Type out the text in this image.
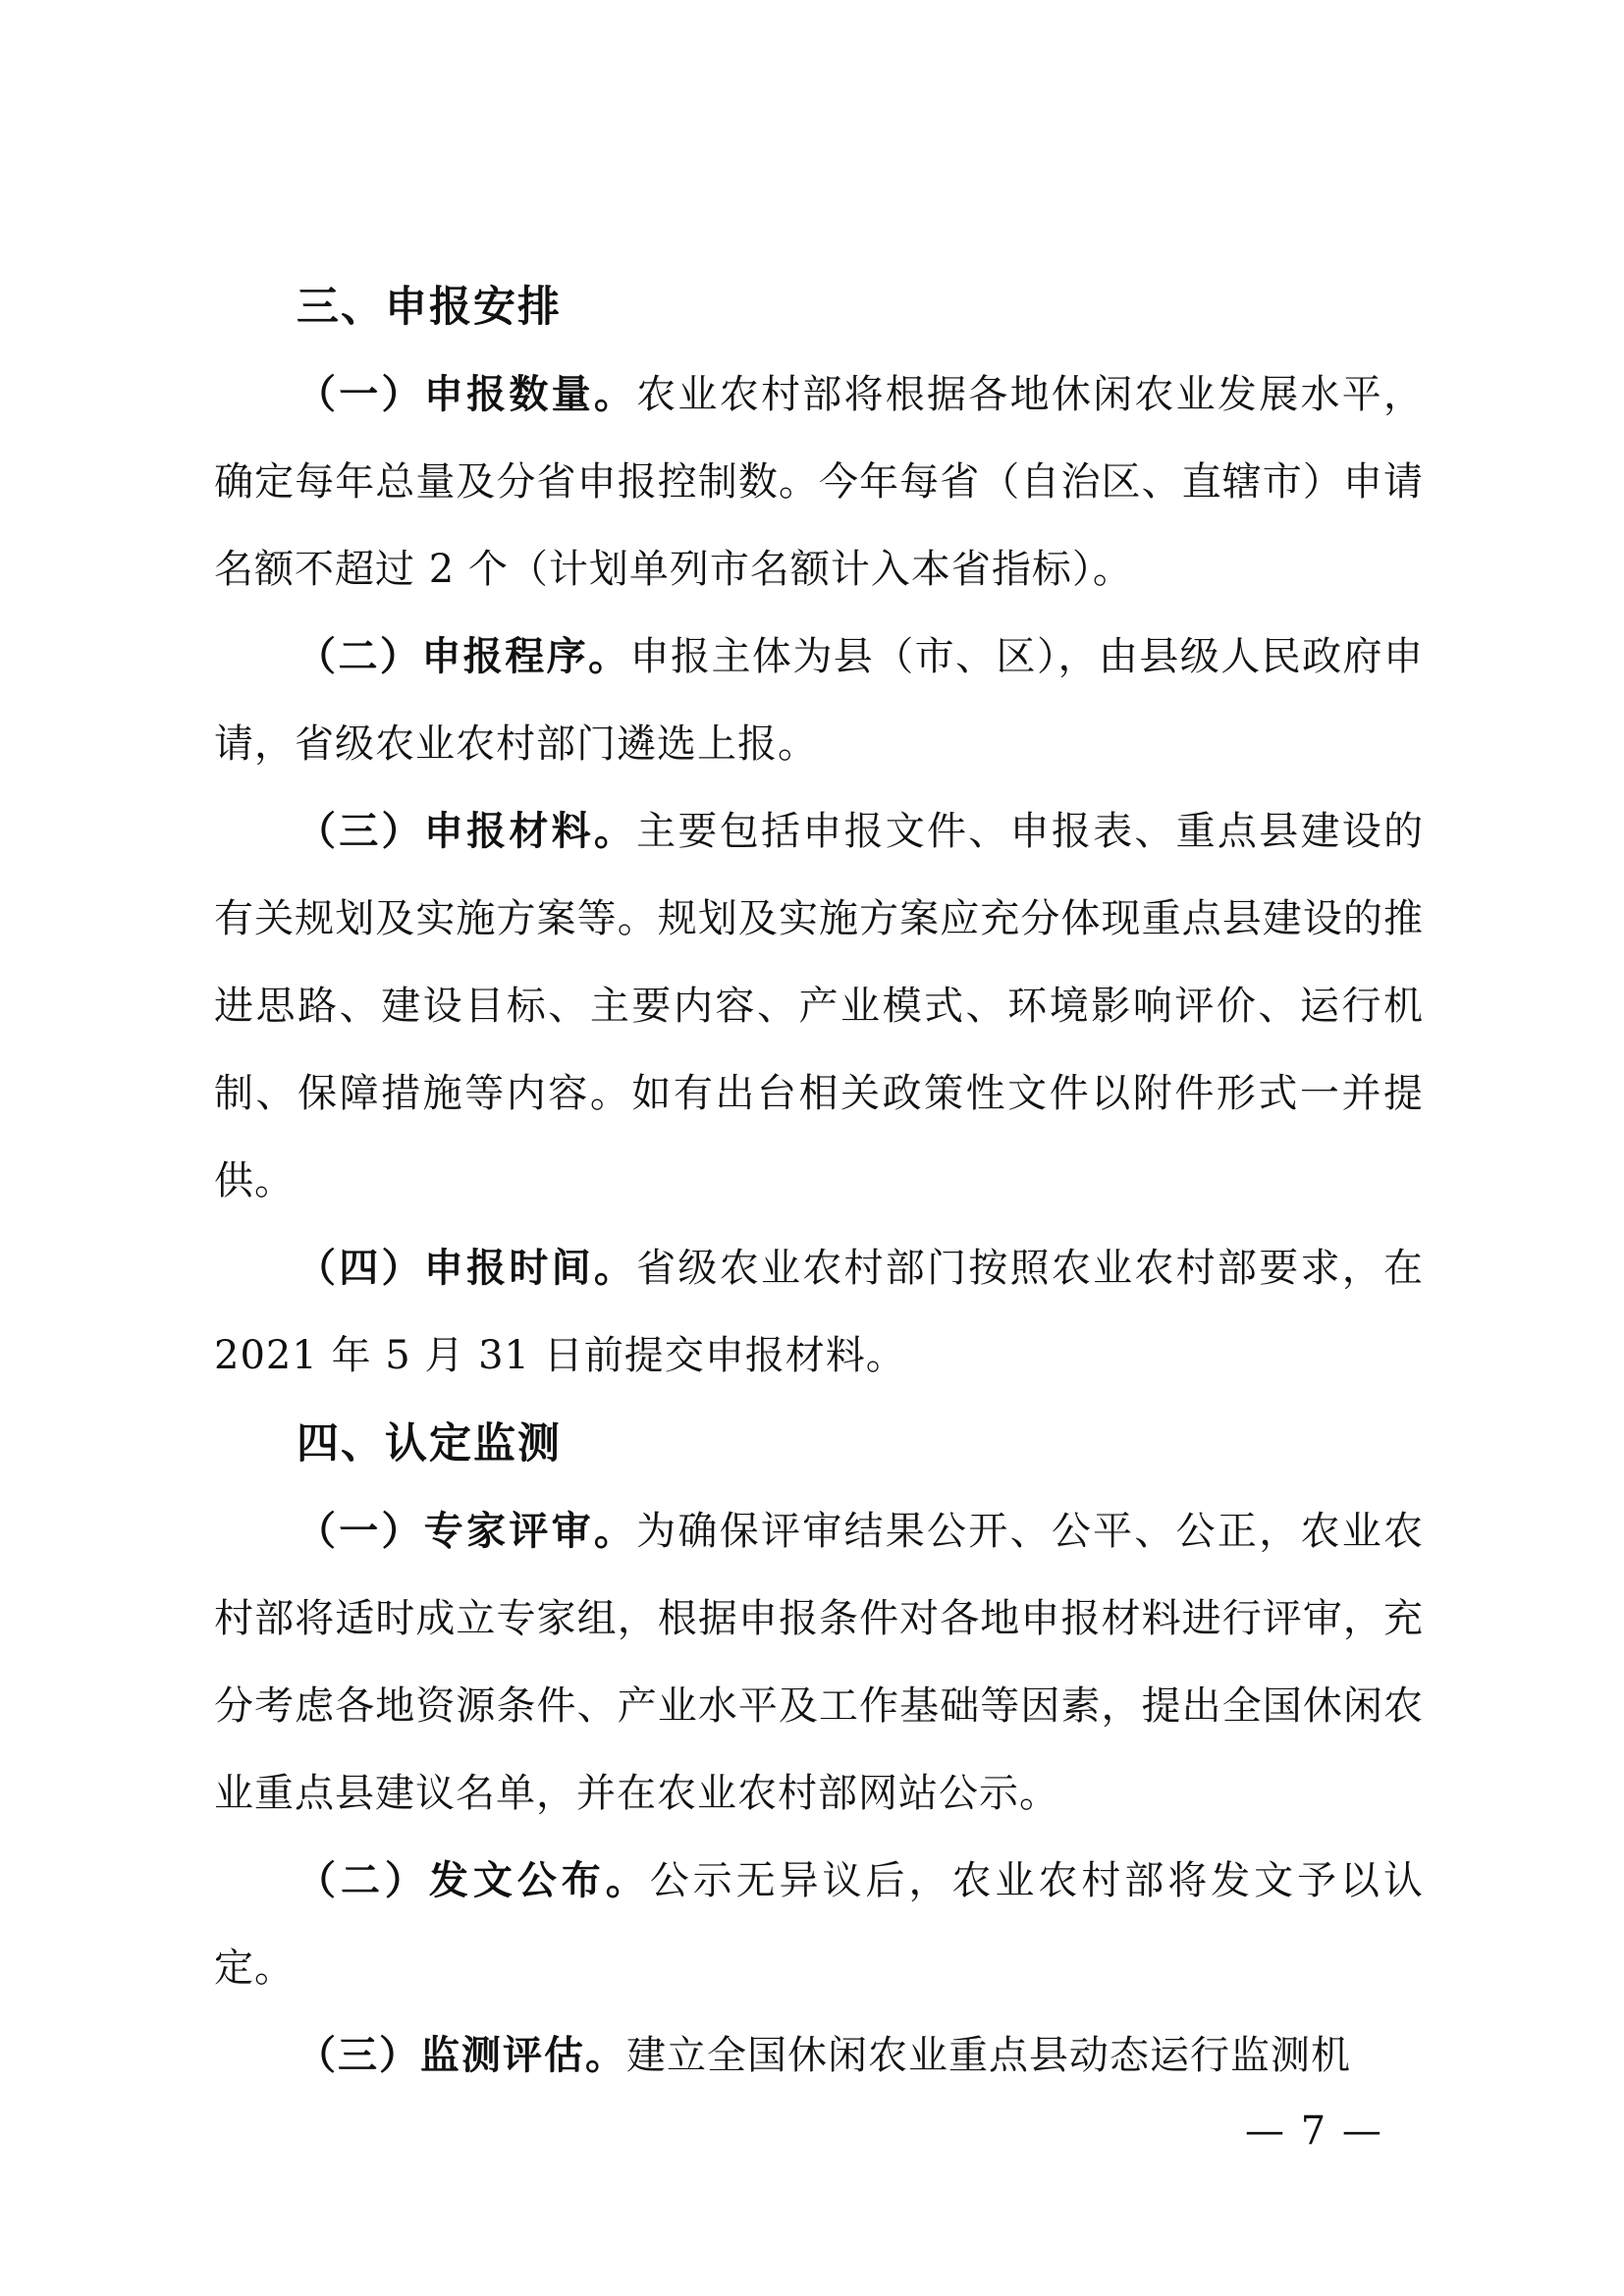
三、申报安排

（一）申报数量。农业农村部将根据各地休闲农业发展水平，确定每年总量及分省申报控制数。今年每省（自治区、直辖市）申请名额不超过 2 个（计划单列市名额计入本省指标）。

（二）申报程序。申报主体为县（市、区），由县级人民政府申请，省级农业农村部门遴选上报。

（三）申报材料。主要包括申报文件、申报表、重点县建设的有关规划及实施方案等。规划及实施方案应充分体现重点县建设的推进思路、建设目标、主要内容、产业模式、环境影响评价、运行机制、保障措施等内容。如有出台相关政策性文件以附件形式一并提供。

（四）申报时间。省级农业农村部门按照农业农村部要求，在 2021 年 5 月 31 日前提交申报材料。

四、认定监测

（一）专家评审。为确保评审结果公开、公平、公正，农业农村部将适时成立专家组，根据申报条件对各地申报材料进行评审，充分考虑各地资源条件、产业水平及工作基础等因素，提出全国休闲农业重点县建议名单，并在农业农村部网站公示。

（二）发文公布。公示无异议后，农业农村部将发文予以认定。

（三）监测评估。建立全国休闲农业重点县动态运行监测机

— 7 —
